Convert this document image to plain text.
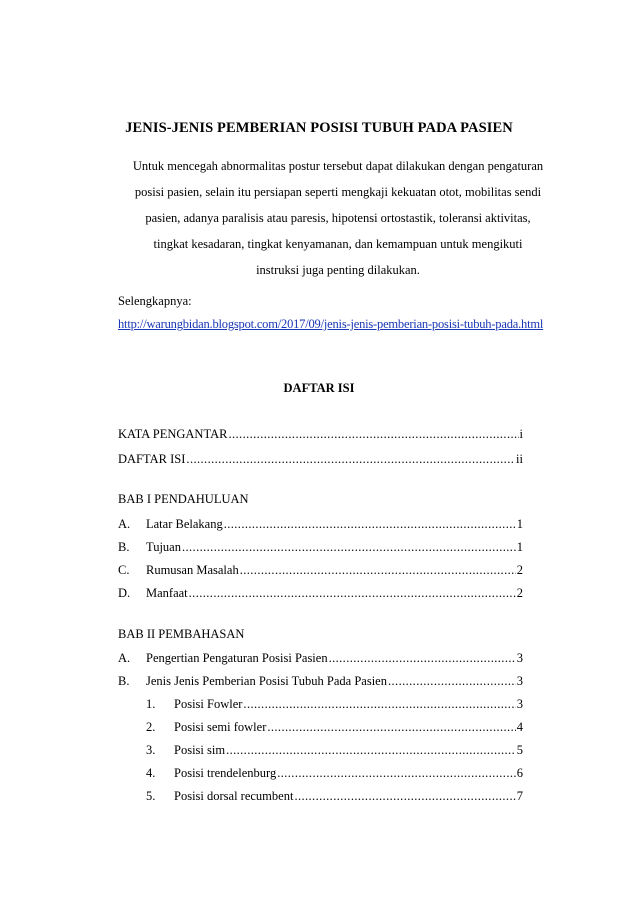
JENIS-JENIS PEMBERIAN POSISI TUBUH PADA PASIEN

Untuk mencegah abnormalitas postur tersebut dapat dilakukan dengan pengaturan

posisi pasien, selain itu persiapan seperti mengkaji kekuatan otot, mobilitas sendi

pasien, adanya paralisis atau paresis, hipotensi ortostastik, toleransi aktivitas,

tingkat kesadaran, tingkat kenyamanan, dan kemampuan untuk mengikuti

instruksi juga penting dilakukan.

Selengkapnya:
http://warungbidan.blogspot.com/2017/09/jenis-jenis-pemberian-posisi-tubuh-pada.html
DAFTAR ISI
KATA PENGANTAR .....	i
DAFTAR ISI .....	ii
BAB I PENDAHULUAN
A. Latar Belakang .....	1
B. Tujuan .....	1
C. Rumusan Masalah .....	2
D. Manfaat .....	2
BAB II PEMBAHASAN
A. Pengertian Pengaturan Posisi Pasien .....	3
B. Jenis Jenis Pemberian Posisi Tubuh Pada Pasien .....	3
1. Posisi Fowler .....	3
2. Posisi semi fowler .....	4
3. Posisi sim .....	5
4. Posisi trendelenburg .....	6
5. Posisi dorsal recumbent .....	7
